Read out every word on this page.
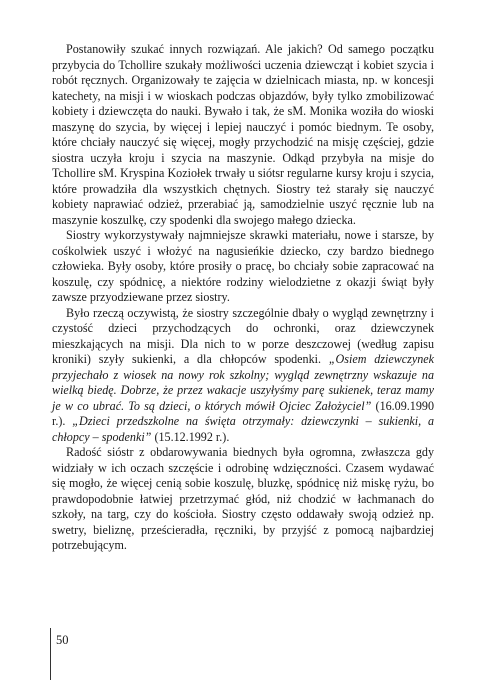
Postanowiły szukać innych rozwiązań. Ale jakich? Od samego początku przybycia do Tchollire szukały możliwości uczenia dziewcząt i kobiet szycia i robót ręcznych. Organizowały te zajęcia w dzielnicach miasta, np. w koncesji katechety, na misji i w wioskach podczas objazdów, były tylko zmobilizować kobiety i dziewczęta do nauki. Bywało i tak, że sM. Monika woziła do wioski maszynę do szycia, by więcej i lepiej nauczyć i pomóc biednym. Te osoby, które chciały nauczyć się więcej, mogły przychodzić na misję częściej, gdzie siostra uczyła kroju i szycia na maszynie. Odkąd przybyła na misje do Tchollire sM. Kryspina Koziołek trwały u siótsr regularne kursy kroju i szycia, które prowadziła dla wszystkich chętnych. Siostry też starały się nauczyć kobiety naprawiać odzież, przerabiać ją, samodzielnie uszyć ręcznie lub na maszynie koszulkę, czy spodenki dla swojego małego dziecka.

Siostry wykorzystywały najmniejsze skrawki materiału, nowe i starsze, by cośkolwiek uszyć i włożyć na nagusieńkie dziecko, czy bardzo biednego człowieka. Były osoby, które prosiły o pracę, bo chciały sobie zapracować na koszulę, czy spódnicę, a niektóre rodziny wielodzietne z okazji świąt były zawsze przyodziewane przez siostry.

Było rzeczą oczywistą, że siostry szczególnie dbały o wygląd zewnętrzny i czystość dzieci przychodzących do ochronki, oraz dziewczynek mieszkających na misji. Dla nich to w porze deszczowej (według zapisu kroniki) szyły sukienki, a dla chłopców spodenki. „Osiem dziewczynek przyjechało z wiosek na nowy rok szkolny; wygląd zewnętrzny wskazuje na wielką biedę. Dobrze, że przez wakacje uszyłyśmy parę sukienek, teraz mamy je w co ubrać. To są dzieci, o których mówił Ojciec Założyciel” (16.09.1990 r.). „Dzieci przedszkolne na święta otrzymały: dziewczynki – sukienki, a chłopcy – spodenki” (15.12.1992 r.).

Radość sióstr z obdarowywania biednych była ogromna, zwłaszcza gdy widziały w ich oczach szczęście i odrobinę wdzięczności. Czasem wydawać się mogło, że więcej cenią sobie koszulę, bluzkę, spódnicę niż miskę ryżu, bo prawdopodobnie łatwiej przetrzymać głód, niż chodzić w łachmanach do szkoły, na targ, czy do kościoła. Siostry często oddawały swoją odzież np. swetry, bieliznę, prześcieradła, ręczniki, by przyjść z pomocą najbardziej potrzebującym.

50
